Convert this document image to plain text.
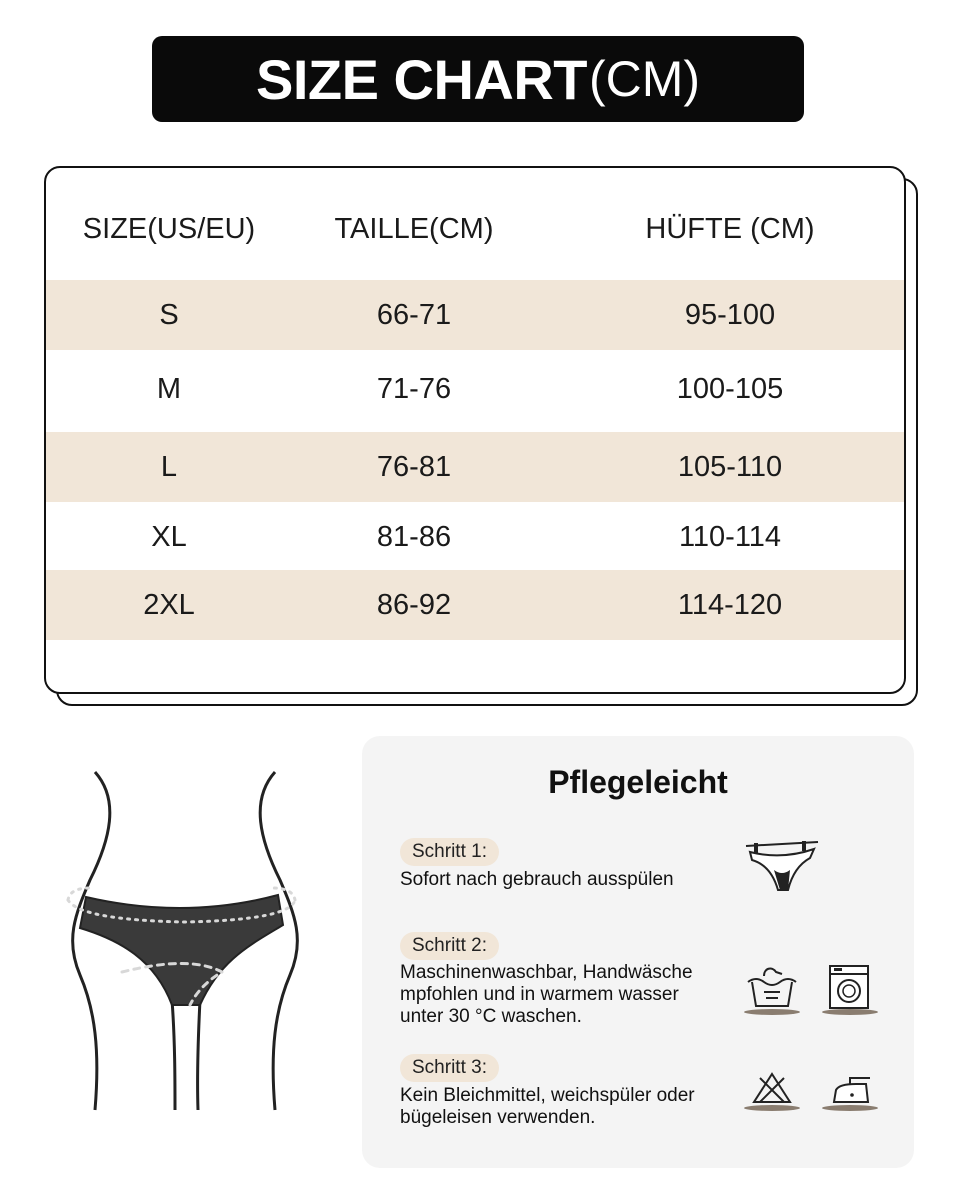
SIZE CHART (CM)
SIZE(US/EU)	TAILLE(CM)	HÜFTE (CM)
S	66-71	95-100
M	71-76	100-105
L	76-81	105-110
XL	81-86	110-114
2XL	86-92	114-120
Pflegeleicht
Schritt 1:
Sofort nach gebrauch ausspülen
Schritt 2:
Maschinenwaschbar, Handwäsche
mpfohlen und in warmem wasser
unter 30 °C waschen.
Schritt 3:
Kein Bleichmittel, weichspüler oder
bügeleisen verwenden.
